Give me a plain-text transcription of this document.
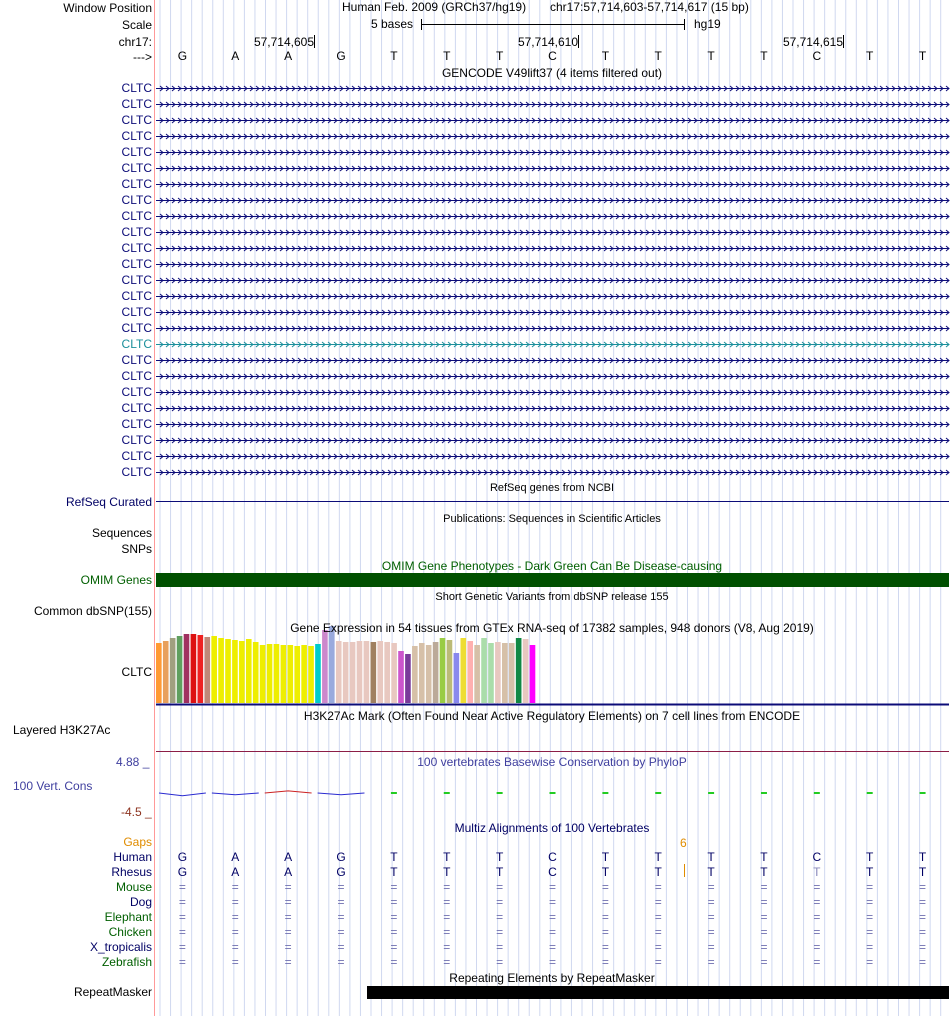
Window Position
Scale
chr17:
--->
Human Feb. 2009 (GRCh37/hg19) chr17:57,714,603-57,714,617 (15 bp)
5 bases	hg19
57,714,605	57,714,610	57,714,615
G	A	A	G	T	T	T	C	T	T	T	T	C	T	T
GENCODE V49lift37 (4 items filtered out)
CLTC
CLTC
CLTC
CLTC
CLTC
CLTC
CLTC
CLTC
CLTC
CLTC
CLTC
CLTC
CLTC
CLTC
CLTC
CLTC
CLTC
CLTC
CLTC
CLTC
CLTC
CLTC
CLTC
CLTC
CLTC
RefSeq Curated
RefSeq genes from NCBI
Publications: Sequences in Scientific Articles
Sequences
SNPs
OMIM Gene Phenotypes - Dark Green Can Be Disease-causing
OMIM Genes
Common dbSNP(155)
Short Genetic Variants from dbSNP release 155
Gene Expression in 54 tissues from GTEx RNA-seq of 17382 samples, 948 donors (V8, Aug 2019)
CLTC
H3K27Ac Mark (Often Found Near Active Regulatory Elements) on 7 cell lines from ENCODE
Layered H3K27Ac
100 vertebrates Basewise Conservation by PhyloP
4.88 _
100 Vert. Cons
-4.5 _
Multiz Alignments of 100 Vertebrates
Gaps	6
Human G	A	A	G	T	T	T	C	T	T	T	T	C	T	T
Rhesus G	A	A	G	T	T	T	C	T	T	T	T	T	T	T
Mouse =	=	=	=	=	=	=	=	=	=	=	=	=	=	=
Dog =	=	=	=	=	=	=	=	=	=	=	=	=	=	=
Elephant =	=	=	=	=	=	=	=	=	=	=	=	=	=	=
Chicken =	=	=	=	=	=	=	=	=	=	=	=	=	=	=
X_tropicalis =	=	=	=	=	=	=	=	=	=	=	=	=	=	=
Zebrafish =	=	=	=	=	=	=	=	=	=	=	=	=	=	=
Repeating Elements by RepeatMasker
RepeatMasker
